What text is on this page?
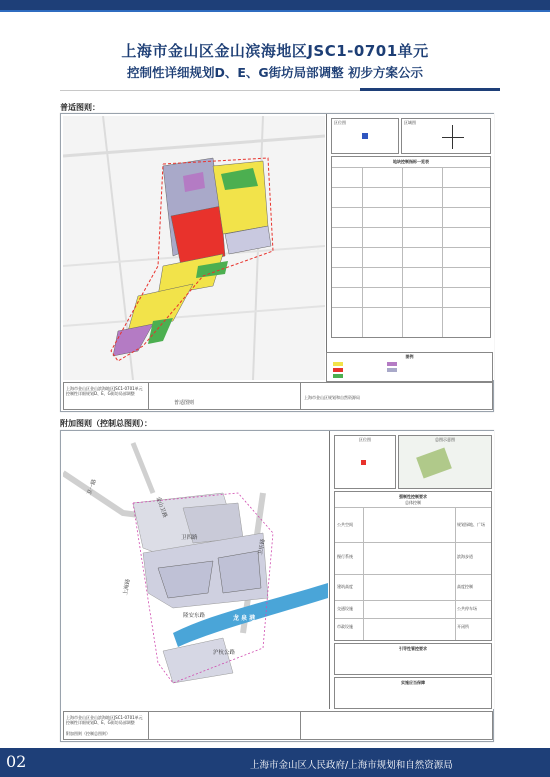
上海市金山区金山滨海地区JSC1-0701单元
控制性详细规划D、E、G街坊局部调整 初步方案公示
普适图则：
区位图	区域图
地块控制指标一览表
图例
上海市金山区金山滨海地区JSC1-0701单元控制性详细规划D、E、G街坊局部调整
普适图则
上海市金山区规划和自然资源局
附加图则（控制总图则）：
卫一路
金山卫路
卫四路
上海路
隆安东路
卫乐路
龙 泉 港
沪杭公路
区位图	总图示意图
强制性控制要求
总体控制
公共空间	规划绿地、广场
慢行系统	滨海步道
建筑高度	高度控制
交通设施	公共停车场
市政设施	开闭所
引导性管控要求
实施应当保障
上海市金山区金山滨海地区JSC1-0701单元控制性详细规划D、E、G街坊局部调整
附加图则（控制总图则）
02	上海市金山区人民政府/上海市规划和自然资源局
